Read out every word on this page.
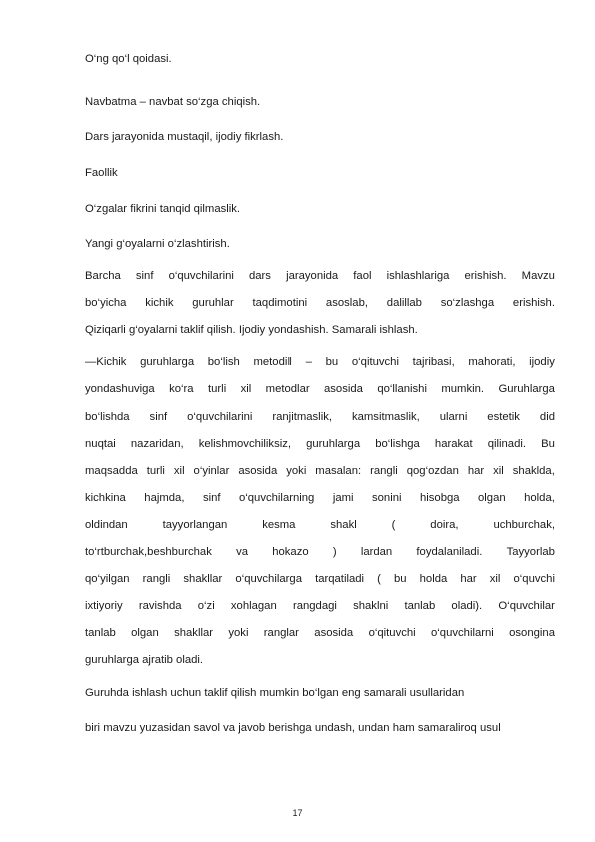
O‘ng qo‘l qoidasi.
Navbatma – navbat so‘zga chiqish.
Dars jarayonida mustaqil, ijodiy fikrlash.
Faollik
O‘zgalar fikrini tanqid qilmaslik.
Yangi g‘oyalarni o‘zlashtirish.
Barcha sinf o‘quvchilarini dars jarayonida faol ishlashlariga erishish. Mavzu
bo‘yicha kichik guruhlar taqdimotini asoslab, dalillab so‘zlashga erishish.
Qiziqarli g‘oyalarni taklif qilish. Ijodiy yondashish. Samarali ishlash.
—Kichik guruhlarga bo‘lish metodi‖ – bu o‘qituvchi tajribasi, mahorati, ijodiy
yondashuviga ko‘ra turli xil metodlar asosida qo‘llanishi mumkin. Guruhlarga
bo‘lishda sinf o‘quvchilarini ranjitmaslik, kamsitmaslik, ularni estetik did
nuqtai nazaridan, kelishmovchiliksiz, guruhlarga bo‘lishga harakat qilinadi. Bu
maqsadda turli xil o‘yinlar asosida yoki masalan: rangli qog‘ozdan har xil shaklda,
kichkina hajmda, sinf o‘quvchilarning jami sonini hisobga olgan holda,
oldindan	tayyorlangan	kesma	shakl	(	doira,	uchburchak,
to‘rtburchak,beshburchak va hokazo ) lardan foydalaniladi. Tayyorlab
qo‘yilgan rangli shakllar o‘quvchilarga tarqatiladi ( bu holda har xil o‘quvchi
ixtiyoriy ravishda o‘zi xohlagan rangdagi shaklni tanlab oladi). O‘quvchilar
tanlab olgan shakllar yoki ranglar asosida o‘qituvchi o‘quvchilarni osongina
guruhlarga ajratib oladi.
Guruhda ishlash uchun taklif qilish mumkin bo‘lgan eng samarali usullaridan
biri mavzu yuzasidan savol va javob berishga undash, undan ham samaraliroq usul
17
